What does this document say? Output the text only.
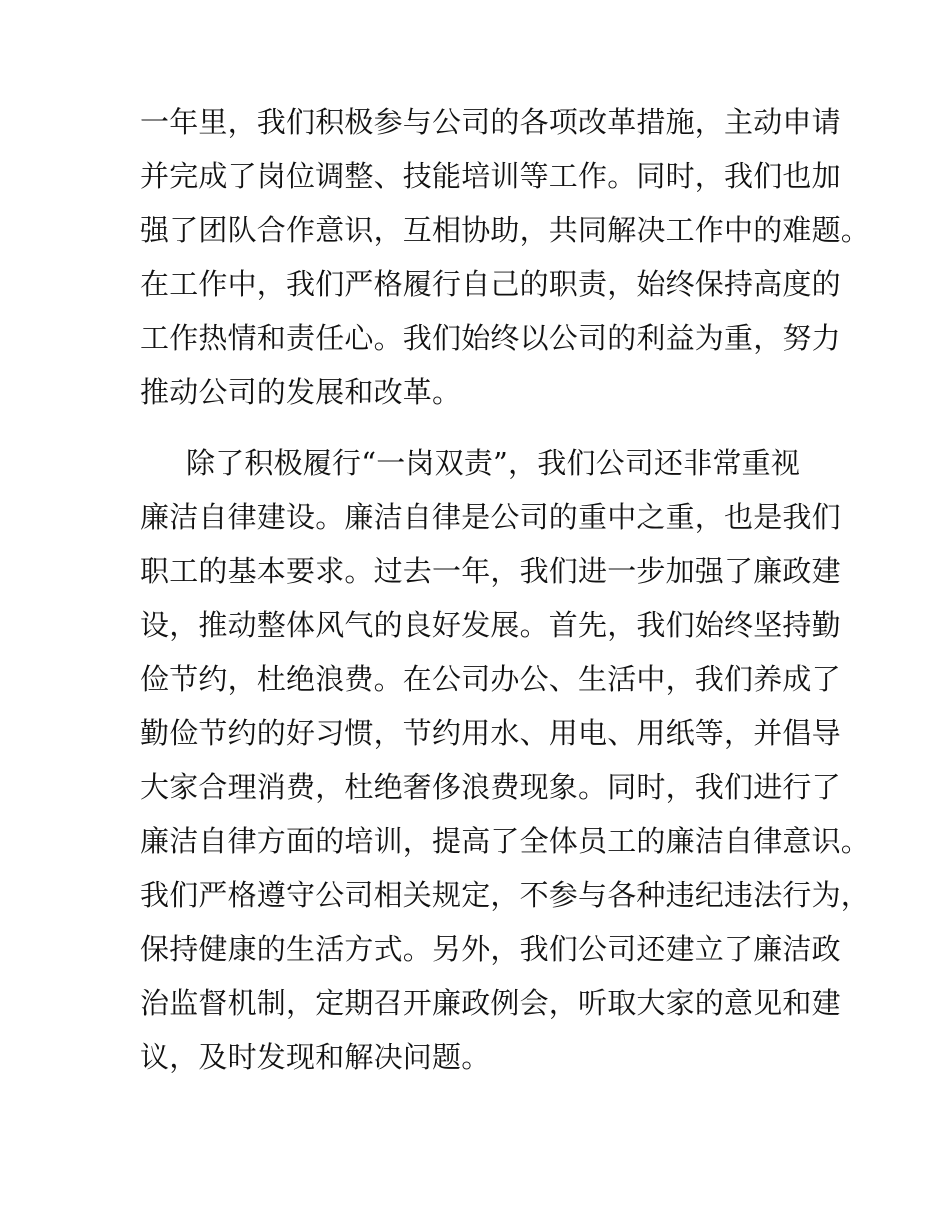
一年里，我们积极参与公司的各项改革措施，主动申请
并完成了岗位调整、技能培训等工作。同时，我们也加
强了团队合作意识，互相协助，共同解决工作中的难题。
在工作中，我们严格履行自己的职责，始终保持高度的
工作热情和责任心。我们始终以公司的利益为重，努力
推动公司的发展和改革。
除了积极履行“一岗双责”，我们公司还非常重视
廉洁自律建设。廉洁自律是公司的重中之重，也是我们
职工的基本要求。过去一年，我们进一步加强了廉政建
设，推动整体风气的良好发展。首先，我们始终坚持勤
俭节约，杜绝浪费。在公司办公、生活中，我们养成了
勤俭节约的好习惯，节约用水、用电、用纸等，并倡导
大家合理消费，杜绝奢侈浪费现象。同时，我们进行了
廉洁自律方面的培训，提高了全体员工的廉洁自律意识。
我们严格遵守公司相关规定，不参与各种违纪违法行为，
保持健康的生活方式。另外，我们公司还建立了廉洁政
治监督机制，定期召开廉政例会，听取大家的意见和建
议，及时发现和解决问题。
